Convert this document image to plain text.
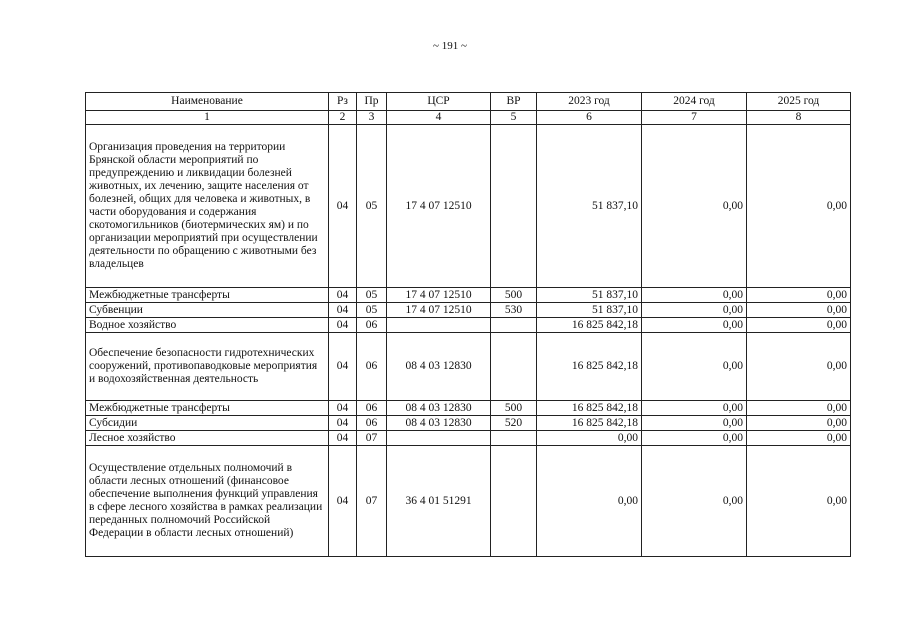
~ 191 ~
Наименование	Рз	Пр	ЦСР	ВР	2023 год	2024 год	2025 год
1	2	3	4	5	6	7	8
Организация проведения на территории Брянской области мероприятий по предупреждению и ликвидации болезней животных, их лечению, защите населения от болезней, общих для человека и животных, в части оборудования и содержания скотомогильников (биотермических ям) и по организации мероприятий при осуществлении деятельности по обращению с животными без владельцев	04	05	17 4 07 12510		51 837,10	0,00	0,00
Межбюджетные трансферты	04	05	17 4 07 12510	500	51 837,10	0,00	0,00
Субвенции	04	05	17 4 07 12510	530	51 837,10	0,00	0,00
Водное хозяйство	04	06			16 825 842,18	0,00	0,00
Обеспечение безопасности гидротехнических сооружений, противопаводковые мероприятия и водохозяйственная деятельность	04	06	08 4 03 12830		16 825 842,18	0,00	0,00
Межбюджетные трансферты	04	06	08 4 03 12830	500	16 825 842,18	0,00	0,00
Субсидии	04	06	08 4 03 12830	520	16 825 842,18	0,00	0,00
Лесное хозяйство	04	07			0,00	0,00	0,00
Осуществление отдельных полномочий в области лесных отношений (финансовое обеспечение выполнения функций управления в сфере лесного хозяйства в рамках реализации переданных полномочий Российской Федерации в области лесных отношений)	04	07	36 4 01 51291		0,00	0,00	0,00
